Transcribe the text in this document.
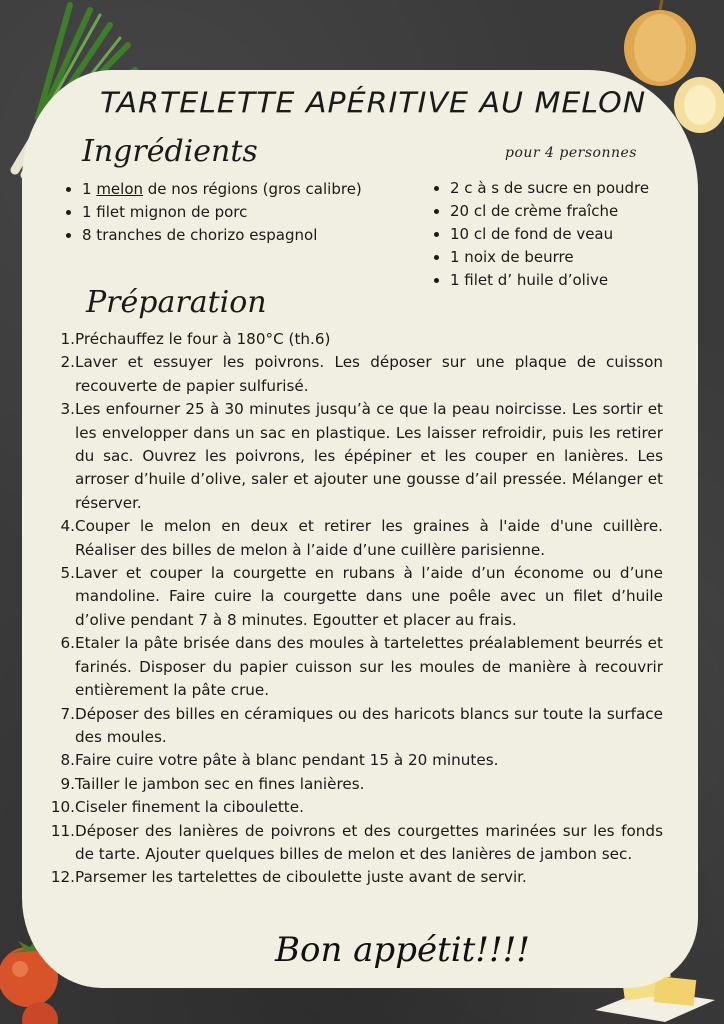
TARTELETTE APÉRITIVE AU MELON
Ingrédients	pour 4 personnes
1 melon de nos régions (gros calibre)
1 filet mignon de porc
8 tranches de chorizo espagnol
2 c à s de sucre en poudre
20 cl de crème fraîche
10 cl de fond de veau
1 noix de beurre
1 filet d’ huile d’olive
Préparation
1. Préchauffez le four à 180°C (th.6)
2. Laver et essuyer les poivrons. Les déposer sur une plaque de cuisson recouverte de papier sulfurisé.
3. Les enfourner 25 à 30 minutes jusqu’à ce que la peau noircisse. Les sortir et les envelopper dans un sac en plastique. Les laisser refroidir, puis les retirer du sac. Ouvrez les poivrons, les épépiner et les couper en lanières. Les arroser d’huile d’olive, saler et ajouter une gousse d’ail pressée. Mélanger et réserver.
4. Couper le melon en deux et retirer les graines à l'aide d'une cuillère. Réaliser des billes de melon à l’aide d’une cuillère parisienne.
5. Laver et couper la courgette en rubans à l’aide d’un économe ou d’une mandoline. Faire cuire la courgette dans une poêle avec un filet d’huile d’olive pendant 7 à 8 minutes. Egoutter et placer au frais.
6. Etaler la pâte brisée dans des moules à tartelettes préalablement beurrés et farinés. Disposer du papier cuisson sur les moules de manière à recouvrir entièrement la pâte crue.
7. Déposer des billes en céramiques ou des haricots blancs sur toute la surface des moules.
8. Faire cuire votre pâte à blanc pendant 15 à 20 minutes.
9. Tailler le jambon sec en fines lanières.
10. Ciseler finement la ciboulette.
11. Déposer des lanières de poivrons et des courgettes marinées sur les fonds de tarte. Ajouter quelques billes de melon et des lanières de jambon sec.
12. Parsemer les tartelettes de ciboulette juste avant de servir.
Bon appétit!!!!
